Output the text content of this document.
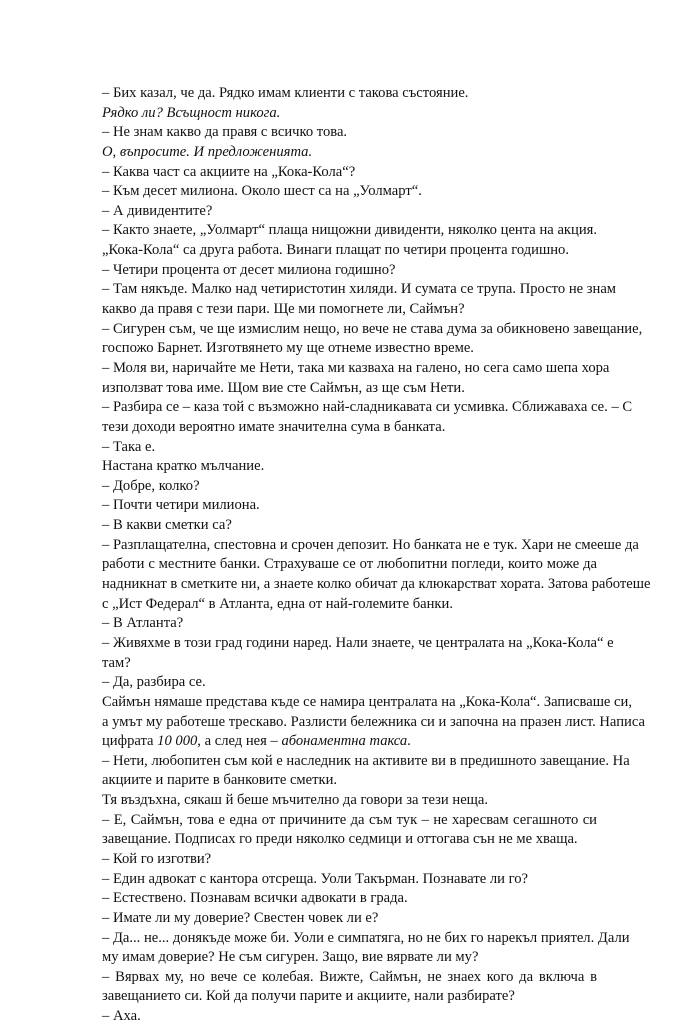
– Бих казал, че да. Рядко имам клиенти с такова състояние.
Рядко ли? Всъщност никога.
– Не знам какво да правя с всичко това.
О, въпросите. И предложенията.
– Каква част са акциите на „Кока-Кола“?
– Към десет милиона. Около шест са на „Уолмарт“.
– А дивидентите?
– Както знаете, „Уолмарт“ плаща нищожни дивиденти, няколко цента на акция.
„Кока-Кола“ са друга работа. Винаги плащат по четири процента годишно.
– Четири процента от десет милиона годишно?
– Там някъде. Малко над четиристотин хиляди. И сумата се трупа. Просто не знам
какво да правя с тези пари. Ще ми помогнете ли, Саймън?
– Сигурен съм, че ще измислим нещо, но вече не става дума за обикновено завещание,
госпожо Барнет. Изготвянето му ще отнеме известно време.
– Моля ви, наричайте ме Нети, така ми казваха на галено, но сега само шепа хора
използват това име. Щом вие сте Саймън, аз ще съм Нети.
– Разбира се – каза той с възможно най-сладникавата си усмивка. Сближаваха се. – С
тези доходи вероятно имате значителна сума в банката.
– Така е.
Настана кратко мълчание.
– Добре, колко?
– Почти четири милиона.
– В какви сметки са?
– Разплащателна, спестовна и срочен депозит. Но банката не е тук. Хари не смееше да
работи с местните банки. Страхуваше се от любопитни погледи, които може да
надникнат в сметките ни, а знаете колко обичат да клюкарстват хората. Затова работеше
с „Ист Федерал“ в Атланта, една от най-големите банки.
– В Атланта?
– Живяхме в този град години наред. Нали знаете, че централата на „Кока-Кола“ е
там?
– Да, разбира се.
Саймън нямаше представа къде се намира централата на „Кока-Кола“. Записваше си,
а умът му работеше трескаво. Разлисти бележника си и започна на празен лист. Написа
цифрата 10 000, а след нея – абонаментна такса.
– Нети, любопитен съм кой е наследник на активите ви в предишното завещание. На
акциите и парите в банковите сметки.
Тя въздъхна, сякаш й беше мъчително да говори за тези неща.
– Е, Саймън, това е една от причините да съм тук – не харесвам сегашното си
завещание. Подписах го преди няколко седмици и оттогава сън не ме хваща.
– Кой го изготви?
– Един адвокат с кантора отсреща. Уоли Такърман. Познавате ли го?
– Естествено. Познавам всички адвокати в града.
– Имате ли му доверие? Свестен човек ли е?
– Да... не... донякъде може би. Уоли е симпатяга, но не бих го нарекъл приятел. Дали
му имам доверие? Не съм сигурен. Защо, вие вярвате ли му?
– Вярвах му, но вече се колебая. Вижте, Саймън, не знаех кого да включа в
завещанието си. Кой да получи парите и акциите, нали разбирате?
– Аха.
